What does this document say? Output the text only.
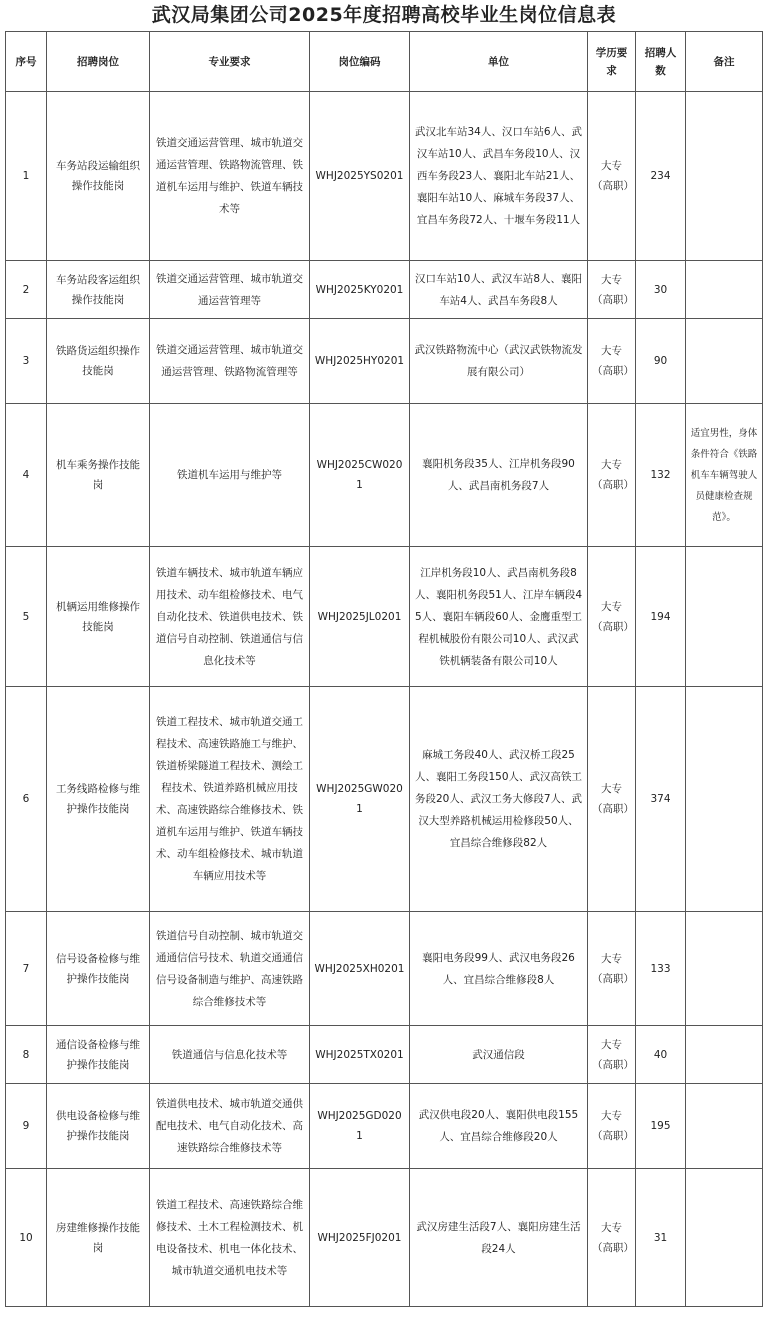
武汉局集团公司2025年度招聘高校毕业生岗位信息表
序号	招聘岗位	专业要求	岗位编码	单位	学历要求	招聘人数	备注
1	车务站段运输组织操作技能岗	铁道交通运营管理、城市轨道交通运营管理、铁路物流管理、铁道机车运用与维护、铁道车辆技术等	WHJ2025YS0201	武汉北车站34人、汉口车站6人、武汉车站10人、武昌车务段10人、汉西车务段23人、襄阳北车站21人、襄阳车站10人、麻城车务段37人、宜昌车务段72人、十堰车务段11人	大专（高职）	234	
2	车务站段客运组织操作技能岗	铁道交通运营管理、城市轨道交通运营管理等	WHJ2025KY0201	汉口车站10人、武汉车站8人、襄阳车站4人、武昌车务段8人	大专（高职）	30	
3	铁路货运组织操作技能岗	铁道交通运营管理、城市轨道交通运营管理、铁路物流管理等	WHJ2025HY0201	武汉铁路物流中心（武汉武铁物流发展有限公司）	大专（高职）	90	
4	机车乘务操作技能岗	铁道机车运用与维护等	WHJ2025CW0201	襄阳机务段35人、江岸机务段90人、武昌南机务段7人	大专（高职）	132	适宜男性，身体条件符合《铁路机车车辆驾驶人员健康检查规范》。
5	机辆运用维修操作技能岗	铁道车辆技术、城市轨道车辆应用技术、动车组检修技术、电气自动化技术、铁道供电技术、铁道信号自动控制、铁道通信与信息化技术等	WHJ2025JL0201	江岸机务段10人、武昌南机务段8人、襄阳机务段51人、江岸车辆段45人、襄阳车辆段60人、金鹰重型工程机械股份有限公司10人、武汉武铁机辆装备有限公司10人	大专（高职）	194	
6	工务线路检修与维护操作技能岗	铁道工程技术、城市轨道交通工程技术、高速铁路施工与维护、铁道桥梁隧道工程技术、测绘工程技术、铁道养路机械应用技术、高速铁路综合维修技术、铁道机车运用与维护、铁道车辆技术、动车组检修技术、城市轨道车辆应用技术等	WHJ2025GW0201	麻城工务段40人、武汉桥工段25人、襄阳工务段150人、武汉高铁工务段20人、武汉工务大修段7人、武汉大型养路机械运用检修段50人、宜昌综合维修段82人	大专（高职）	374	
7	信号设备检修与维护操作技能岗	铁道信号自动控制、城市轨道交通通信信号技术、轨道交通通信信号设备制造与维护、高速铁路综合维修技术等	WHJ2025XH0201	襄阳电务段99人、武汉电务段26人、宜昌综合维修段8人	大专（高职）	133	
8	通信设备检修与维护操作技能岗	铁道通信与信息化技术等	WHJ2025TX0201	武汉通信段	大专（高职）	40	
9	供电设备检修与维护操作技能岗	铁道供电技术、城市轨道交通供配电技术、电气自动化技术、高速铁路综合维修技术等	WHJ2025GD0201	武汉供电段20人、襄阳供电段155人、宜昌综合维修段20人	大专（高职）	195	
10	房建维修操作技能岗	铁道工程技术、高速铁路综合维修技术、土木工程检测技术、机电设备技术、机电一体化技术、城市轨道交通机电技术等	WHJ2025FJ0201	武汉房建生活段7人、襄阳房建生活段24人	大专（高职）	31	
